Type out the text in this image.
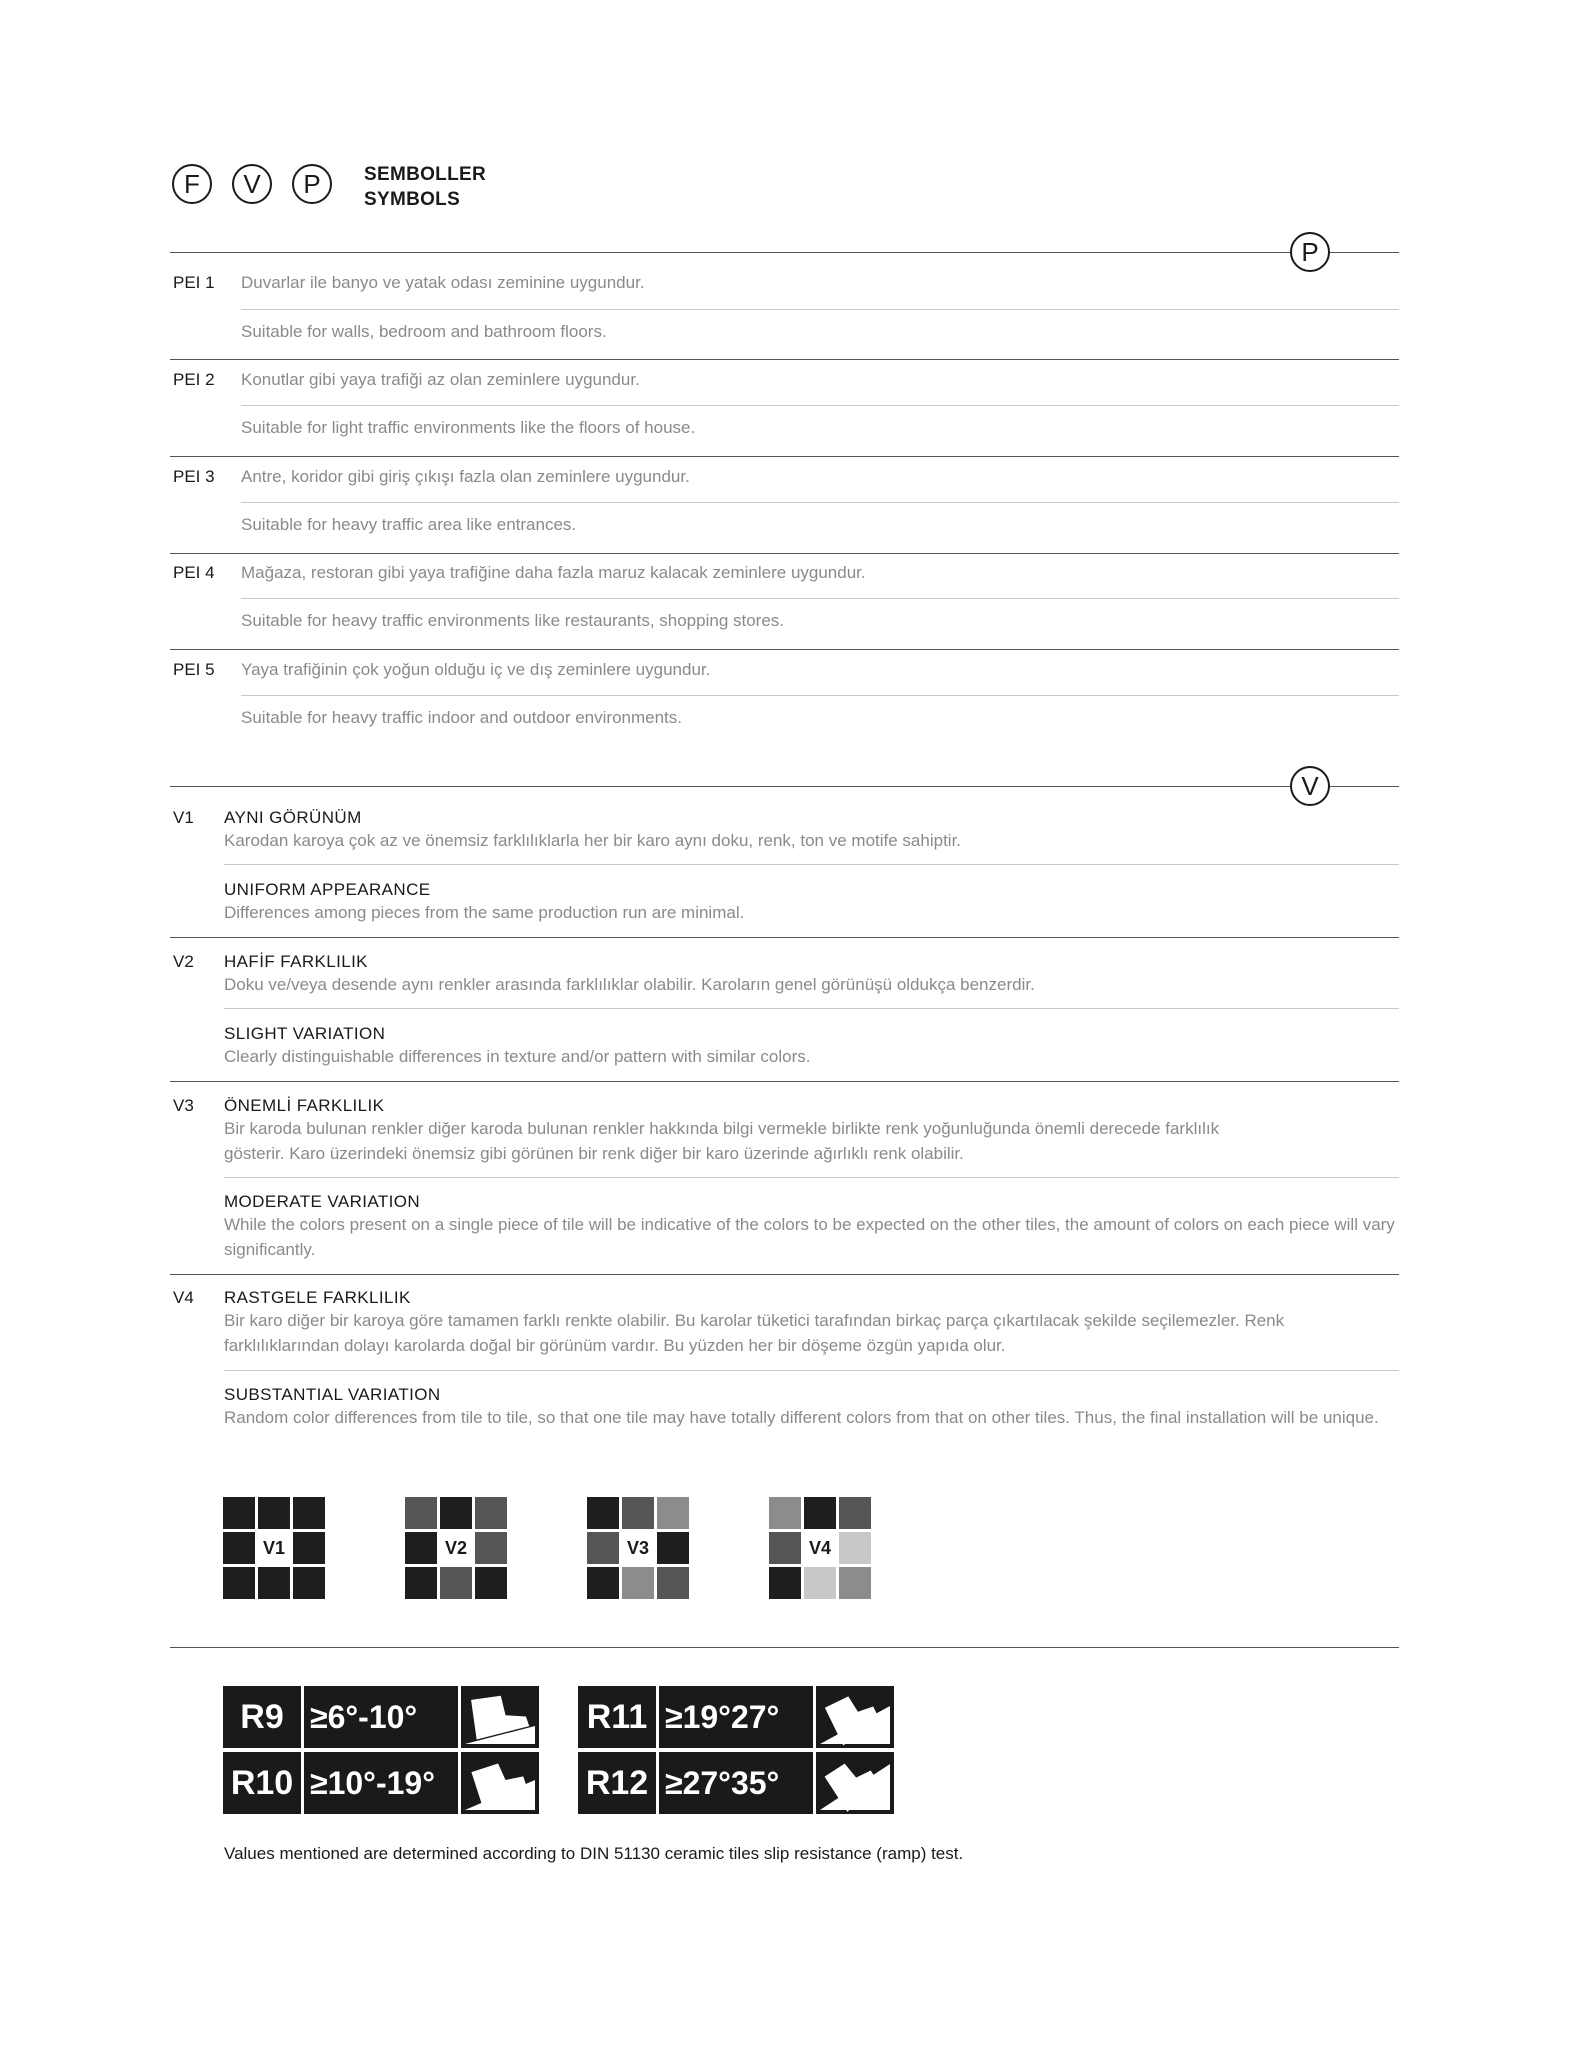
F V P SEMBOLLER
SYMBOLS
P
PEI 1 Duvarlar ile banyo ve yatak odası zeminine uygundur.
Suitable for walls, bedroom and bathroom floors.
PEI 2 Konutlar gibi yaya trafiği az olan zeminlere uygundur.
Suitable for light traffic environments like the floors of house.
PEI 3 Antre, koridor gibi giriş çıkışı fazla olan zeminlere uygundur.
Suitable for heavy traffic area like entrances.
PEI 4 Mağaza, restoran gibi yaya trafiğine daha fazla maruz kalacak zeminlere uygundur.
Suitable for heavy traffic environments like restaurants, shopping stores.
PEI 5 Yaya trafiğinin çok yoğun olduğu iç ve dış zeminlere uygundur.
Suitable for heavy traffic indoor and outdoor environments.
V
V1 AYNI GÖRÜNÜM
Karodan karoya çok az ve önemsiz farklılıklarla her bir karo aynı doku, renk, ton ve motife sahiptir.
UNIFORM APPEARANCE
Differences among pieces from the same production run are minimal.
V2 HAFİF FARKLILIK
Doku ve/veya desende aynı renkler arasında farklılıklar olabilir. Karoların genel görünüşü oldukça benzerdir.
SLIGHT VARIATION
Clearly distinguishable differences in texture and/or pattern with similar colors.
V3 ÖNEMLİ FARKLILIK
Bir karoda bulunan renkler diğer karoda bulunan renkler hakkında bilgi vermekle birlikte renk yoğunluğunda önemli derecede farklılık gösterir. Karo üzerindeki önemsiz gibi görünen bir renk diğer bir karo üzerinde ağırlıklı renk olabilir.
MODERATE VARIATION
While the colors present on a single piece of tile will be indicative of the colors to be expected on the other tiles, the amount of colors on each piece will vary significantly.
V4 RASTGELE FARKLILIK
Bir karo diğer bir karoya göre tamamen farklı renkte olabilir. Bu karolar tüketici tarafından birkaç parça çıkartılacak şekilde seçilemezler. Renk farklılıklarından dolayı karolarda doğal bir görünüm vardır. Bu yüzden her bir döşeme özgün yapıda olur.
SUBSTANTIAL VARIATION
Random color differences from tile to tile, so that one tile may have totally different colors from that on other tiles. Thus, the final installation will be unique.
V1	V2	V3	V4
R9 ≥6°-10°
R10 ≥10°-19°
R11 ≥19°27°
R12 ≥27°35°
Values mentioned are determined according to DIN 51130 ceramic tiles slip resistance (ramp) test.
